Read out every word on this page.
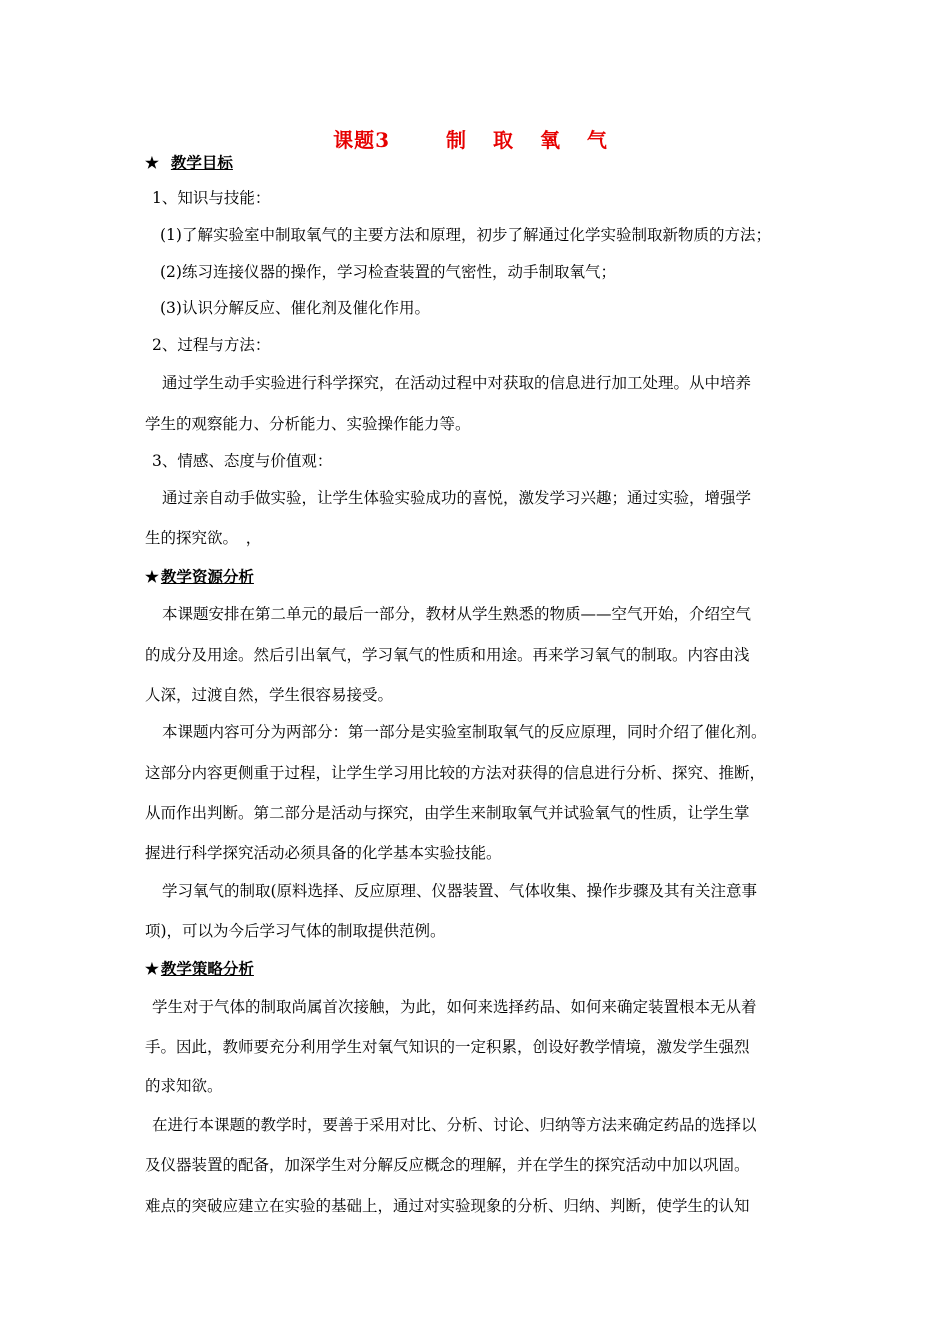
课题3	制 取 氧 气
★ 教学目标
1、知识与技能：
(1)了解实验室中制取氧气的主要方法和原理，初步了解通过化学实验制取新物质的方法；
(2)练习连接仪器的操作，学习检查装置的气密性，动手制取氧气；
(3)认识分解反应、催化剂及催化作用。
2、过程与方法：
通过学生动手实验进行科学探究，在活动过程中对获取的信息进行加工处理。从中培养
学生的观察能力、分析能力、实验操作能力等。
3、情感、态度与价值观：
通过亲自动手做实验，让学生体验实验成功的喜悦，激发学习兴趣；通过实验，增强学
生的探究欲。　，
★ 教学资源分析
本课题安排在第二单元的最后一部分，教材从学生熟悉的物质——空气开始，介绍空气
的成分及用途。然后引出氧气，学习氧气的性质和用途。再来学习氧气的制取。内容由浅
人深，过渡自然，学生很容易接受。
本课题内容可分为两部分：第一部分是实验室制取氧气的反应原理，同时介绍了催化剂。
这部分内容更侧重于过程，让学生学习用比较的方法对获得的信息进行分析、探究、推断，
从而作出判断。第二部分是活动与探究，由学生来制取氧气并试验氧气的性质，让学生掌
握进行科学探究活动必须具备的化学基本实验技能。
学习氧气的制取(原料选择、反应原理、仪器装置、气体收集、操作步骤及其有关注意事
项)，可以为今后学习气体的制取提供范例。
★ 教学策略分析
学生对于气体的制取尚属首次接触，为此，如何来选择药品、如何来确定装置根本无从着
手。因此，教师要充分利用学生对氧气知识的一定积累，创设好教学情境，激发学生强烈
的求知欲。
在进行本课题的教学时，要善于采用对比、分析、讨论、归纳等方法来确定药品的选择以
及仪器装置的配备，加深学生对分解反应概念的理解，并在学生的探究活动中加以巩固。
难点的突破应建立在实验的基础上，通过对实验现象的分析、归纳、判断，使学生的认知
